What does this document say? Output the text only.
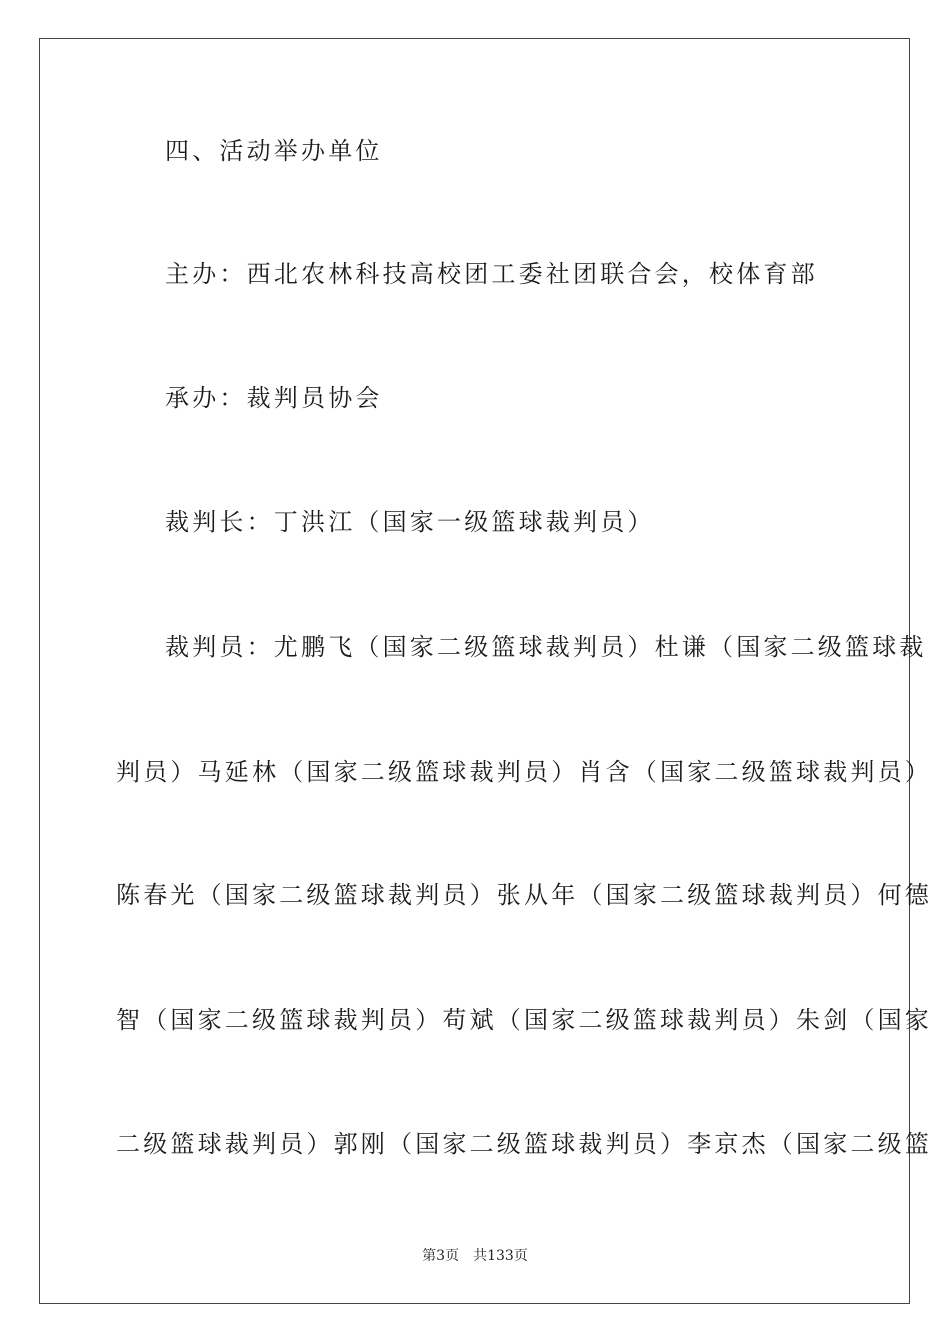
四、活动举办单位
主办：西北农林科技高校团工委社团联合会，校体育部
承办：裁判员协会
裁判长：丁洪江（国家一级篮球裁判员）
裁判员：尤鹏飞（国家二级篮球裁判员）杜谦（国家二级篮球裁
判员）马延林（国家二级篮球裁判员）肖含（国家二级篮球裁判员）
陈春光（国家二级篮球裁判员）张从年（国家二级篮球裁判员）何德
智（国家二级篮球裁判员）苟斌（国家二级篮球裁判员）朱剑（国家
二级篮球裁判员）郭刚（国家二级篮球裁判员）李京杰（国家二级篮
第3页 共133页
